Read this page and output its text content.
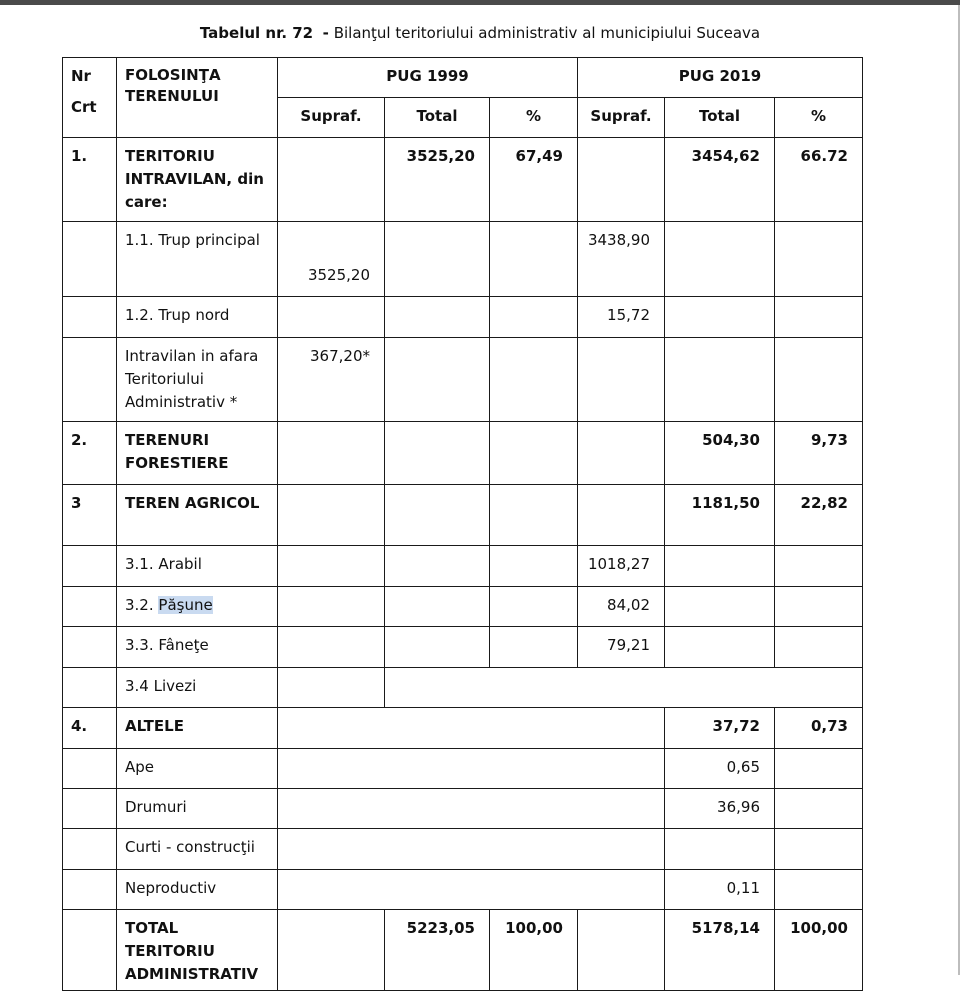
Tabelul nr. 72 - Bilanţul teritoriului administrativ al municipiului Suceava
Nr
Crt	FOLOSINŢA TERENULUI	PUG 1999			PUG 2019		
		Supraf.	Total	%	Supraf.	Total	%
1.	TERITORIU INTRAVILAN, din care:		3525,20	67,49		3454,62	66.72
	1.1. Trup principal	3525,20			3438,90		
	1.2. Trup nord				15,72		
	Intravilan in afara Teritoriului Administrativ *	367,20*					
2.	TERENURI FORESTIERE					504,30	9,73
3	TEREN AGRICOL					1181,50	22,82
	3.1. Arabil				1018,27		
	3.2. Păşune				84,02		
	3.3. Fâneţe				79,21		
	3.4 Livezi						
4.	ALTELE					37,72	0,73
	Ape					0,65	
	Drumuri					36,96	
	Curti - construcţii						
	Neproductiv					0,11	
	TOTAL TERITORIU ADMINISTRATIV		5223,05	100,00		5178,14	100,00
